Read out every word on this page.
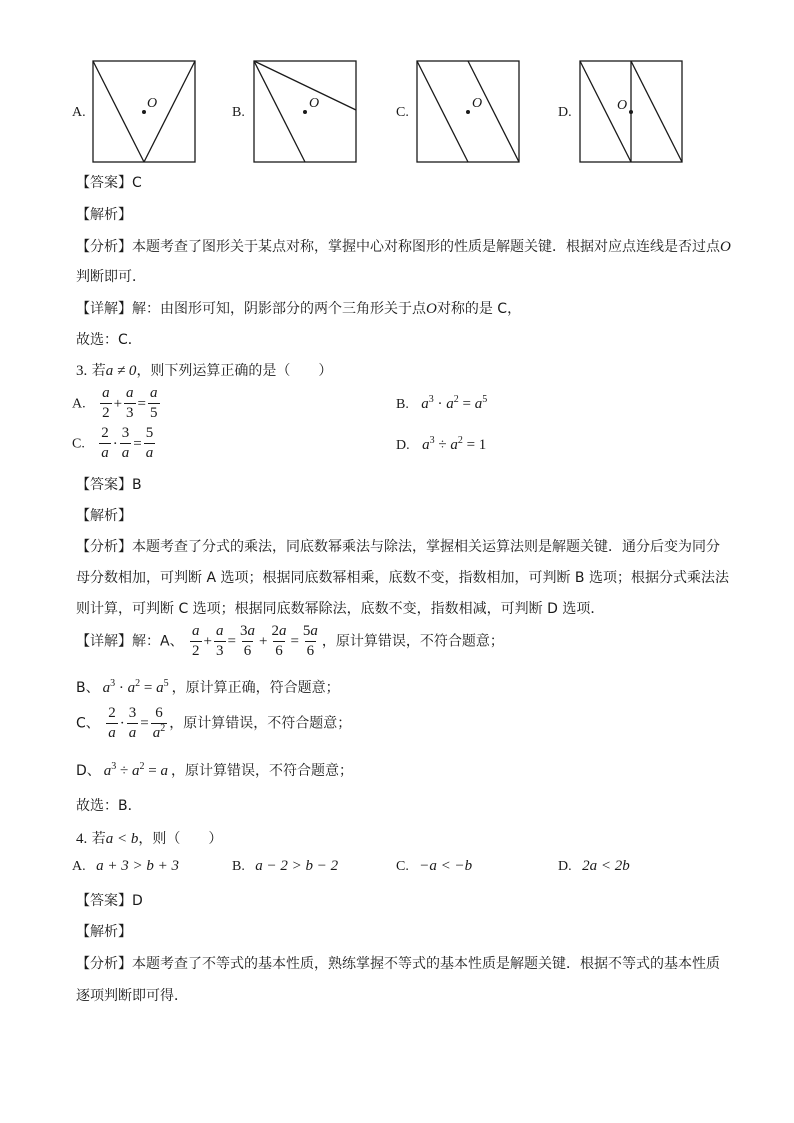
A.
O
B.
O
C.
O
D.	O
【答案】C
【解析】
【分析】本题考查了图形关于某点对称，掌握中心对称图形的性质是解题关键．根据对应点连线是否过点O
判断即可．
【详解】解：由图形可知，阴影部分的两个三角形关于点O对称的是 C，
故选：C．
3. 若a ≠ 0，则下列运算正确的是（　　）
A. $\frac{a}{2} + \frac{a}{3} = \frac{a}{5}$	B. $a^3 \cdot a^2 = a^5$
C. $\frac{2}{a} \cdot \frac{3}{a} = \frac{5}{a}$	D. $a^3 \div a^2 = 1$
【答案】B
【解析】
【分析】本题考查了分式的乘法，同底数幂乘法与除法，掌握相关运算法则是解题关键．通分后变为同分
母分数相加，可判断 A 选项；根据同底数幂相乘，底数不变，指数相加，可判断 B 选项；根据分式乘法法
则计算，可判断 C 选项；根据同底数幂除法，底数不变，指数相减，可判断 D 选项．
【详解】解：A、 $\frac{a}{2} + \frac{a}{3} = \frac{3a}{6} + \frac{2a}{6} = \frac{5a}{6}$ ，原计算错误，不符合题意；
B、 $a^3 \cdot a^2 = a^5$ ，原计算正确，符合题意；
C、 $\frac{2}{a} \cdot \frac{3}{a} = \frac{6}{a^2}$ ，原计算错误，不符合题意；
D、 $a^3 \div a^2 = a$ ，原计算错误，不符合题意；
故选：B．
4. 若a < b，则（　　）
A. a + 3 > b + 3	B. a − 2 > b − 2	C. −a < −b	D. 2a < 2b
【答案】D
【解析】
【分析】本题考查了不等式的基本性质，熟练掌握不等式的基本性质是解题关键．根据不等式的基本性质
逐项判断即可得．
